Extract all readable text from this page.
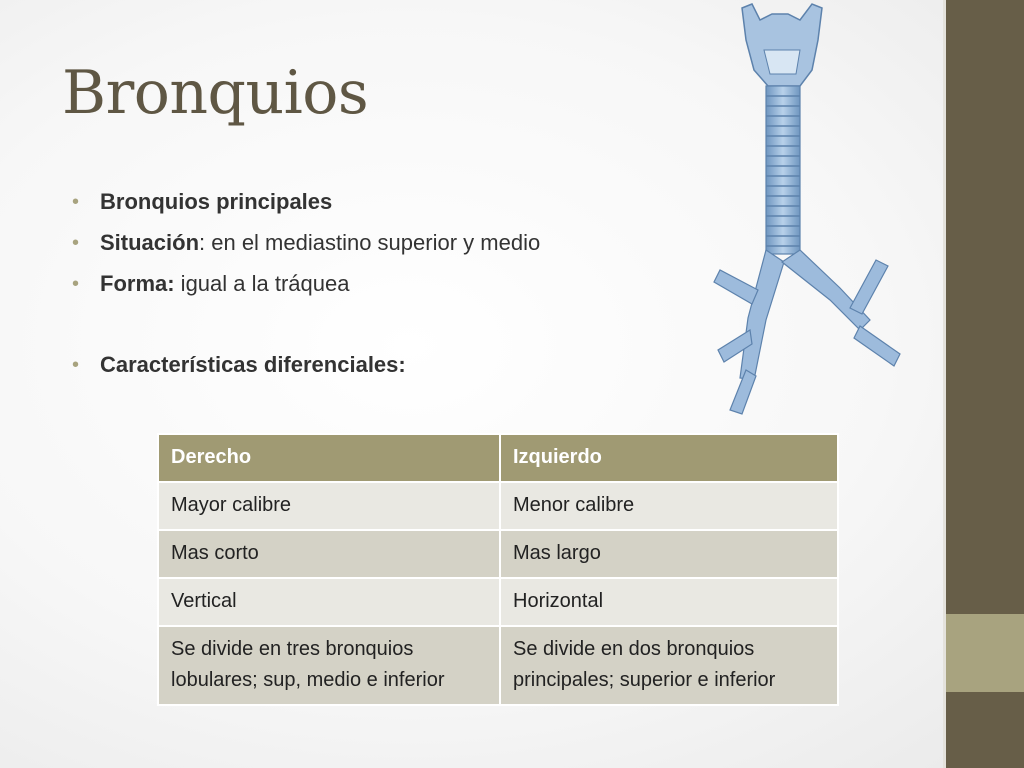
Bronquios
• Bronquios principales
• Situación: en el mediastino superior y medio
• Forma: igual a la tráquea
• Características diferenciales:
Derecho	Izquierdo
Mayor calibre	Menor calibre
Mas corto	Mas largo
Vertical	Horizontal
Se divide en tres bronquios lobulares; sup, medio e inferior	Se divide en dos bronquios principales; superior e inferior
